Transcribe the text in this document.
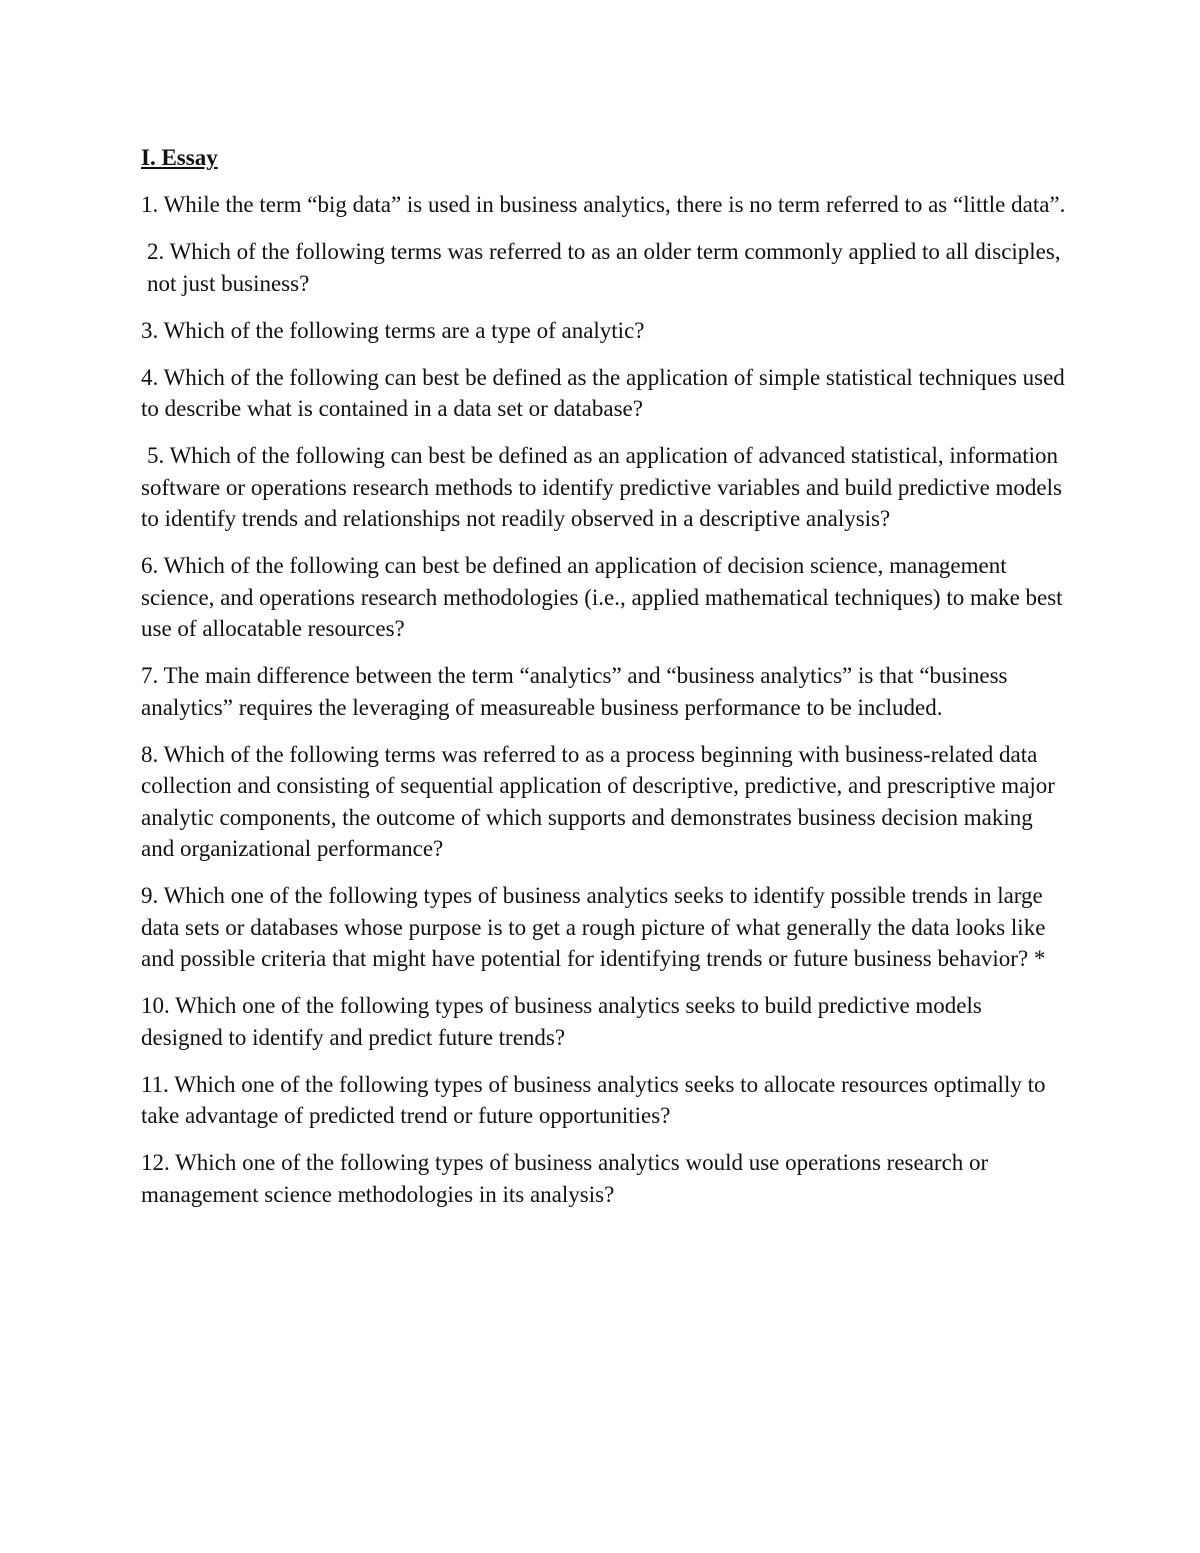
I. Essay
1. While the term “big data” is used in business analytics, there is no term referred to as “little data”.
2. Which of the following terms was referred to as an older term commonly applied to all disciples, not just business?
3. Which of the following terms are a type of analytic?
4. Which of the following can best be defined as the application of simple statistical techniques used to describe what is contained in a data set or database?
5. Which of the following can best be defined as an application of advanced statistical, information software or operations research methods to identify predictive variables and build predictive models to identify trends and relationships not readily observed in a descriptive analysis?
6. Which of the following can best be defined an application of decision science, management science, and operations research methodologies (i.e., applied mathematical techniques) to make best use of allocatable resources?
7. The main difference between the term “analytics” and “business analytics” is that “business analytics” requires the leveraging of measureable business performance to be included.
8. Which of the following terms was referred to as a process beginning with business-related data collection and consisting of sequential application of descriptive, predictive, and prescriptive major analytic components, the outcome of which supports and demonstrates business decision making and organizational performance?
9. Which one of the following types of business analytics seeks to identify possible trends in large data sets or databases whose purpose is to get a rough picture of what generally the data looks like and possible criteria that might have potential for identifying trends or future business behavior? *
10. Which one of the following types of business analytics seeks to build predictive models designed to identify and predict future trends?
11. Which one of the following types of business analytics seeks to allocate resources optimally to take advantage of predicted trend or future opportunities?
12. Which one of the following types of business analytics would use operations research or management science methodologies in its analysis?
